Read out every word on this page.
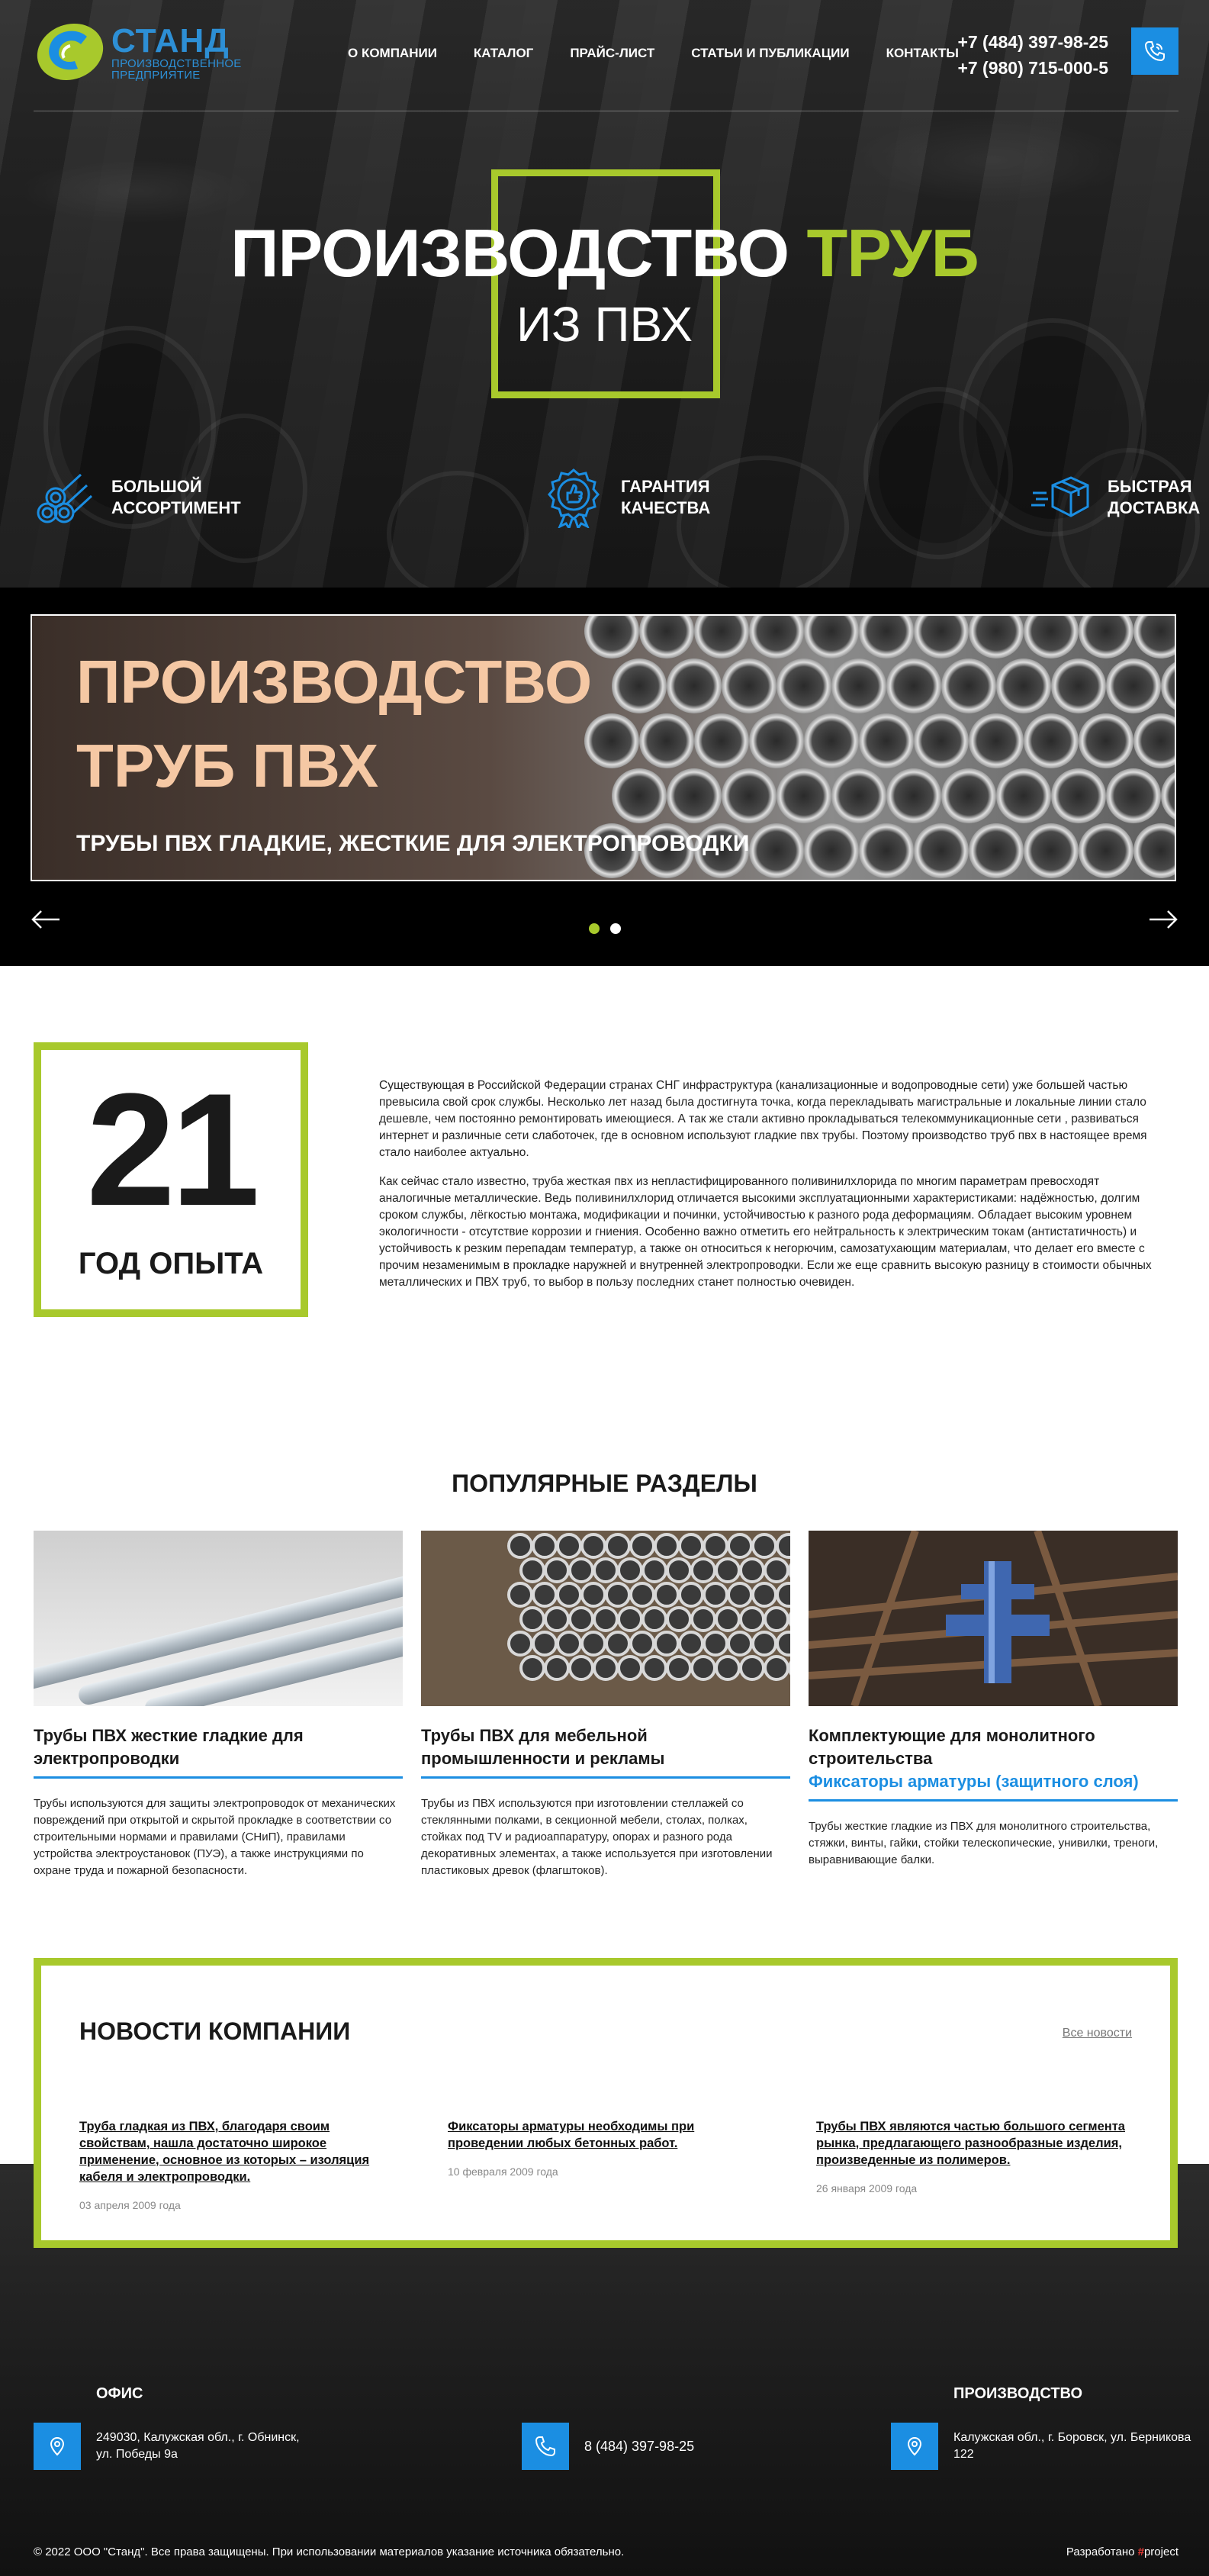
СТАНД
ПРОИЗВОДСТВЕННОЕ
ПРЕДПРИЯТИЕ
О КОМПАНИИ	КАТАЛОГ	ПРАЙС-ЛИСТ	СТАТЬИ И ПУБЛИКАЦИИ	КОНТАКТЫ
+7 (484) 397-98-25
+7 (980) 715-000-5
ПРОИЗВОДСТВО ТРУБ
ИЗ ПВХ
БОЛЬШОЙ
АССОРТИМЕНТ
ГАРАНТИЯ
КАЧЕСТВА
БЫСТРАЯ
ДОСТАВКА
ПРОИЗВОДСТВО
ТРУБ ПВХ
ТРУБЫ ПВХ ГЛАДКИЕ, ЖЕСТКИЕ ДЛЯ ЭЛЕКТРОПРОВОДКИ
21
ГОД ОПЫТА

Существующая в Российской Федерации странах СНГ инфраструктура (канализационные и водопроводные сети) уже большей частью превысила свой срок службы. Несколько лет назад была достигнута точка, когда перекладывать магистральные и локальные линии стало дешевле, чем постоянно ремонтировать имеющиеся. А так же стали активно прокладываться телекоммуникационные сети , развиваться интернет и различные сети слаботочек, где в основном используют гладкие пвх трубы. Поэтому производство труб пвх в настоящее время стало наиболее актуально.

Как сейчас стало известно, труба жесткая пвх из непластифицированного поливинилхлорида по многим параметрам превосходят аналогичные металлические. Ведь поливинилхлорид отличается высокими эксплуатационными характеристиками: надёжностью, долгим сроком службы, лёгкостью монтажа, модификации и починки, устойчивостью к разного рода деформациям. Обладает высоким уровнем экологичности - отсутствие коррозии и гниения. Особенно важно отметить его нейтральность к электрическим токам (антистатичность) и устойчивость к резким перепадам температур, а также он относиться к негорючим, самозатухающим материалам, что делает его вместе с прочим незаменимым в прокладке наружней и внутренней электропроводки. Если же еще сравнить высокую разницу в стоимости обычных металлических и ПВХ труб, то выбор в пользу последних станет полностью очевиден.

ПОПУЛЯРНЫЕ РАЗДЕЛЫ
Трубы ПВХ жесткие гладкие для электропроводки
Трубы используются для защиты электропроводок от механических повреждений при открытой и скрытой прокладке в соответствии со строительными нормами и правилами (СНиП), правилами устройства электроустановок (ПУЭ), а также инструкциями по охране труда и пожарной безопасности.
Трубы ПВХ для мебельной промышленности и рекламы
Трубы из ПВХ используются при изготовлении стеллажей со стеклянными полками, в секционной мебели, столах, полках, стойках под TV и радиоаппаратуру, опорах и разного рода декоративных элементах, а также используется при изготовлении пластиковых древок (флагштоков).
Комплектующие для монолитного строительства
Фиксаторы арматуры (защитного слоя)
Трубы жесткие гладкие из ПВХ для монолитного строительства, стяжки, винты, гайки, стойки телескопические, унивилки, треноги, выравнивающие балки.
НОВОСТИ КОМПАНИИ	Все новости
Труба гладкая из ПВХ, благодаря своим свойствам, нашла достаточно широкое применение, основное из которых – изоляция кабеля и электропроводки.
03 апреля 2009 года
Фиксаторы арматуры необходимы при проведении любых бетонных работ.
10 февраля 2009 года
Трубы ПВХ являются частью большого сегмента рынка, предлагающего разнообразные изделия, произведенные из полимеров.
26 января 2009 года
ОФИС
249030, Калужская обл., г. Обнинск,
ул. Победы 9а
8 (484) 397-98-25
ПРОИЗВОДСТВО
Калужская обл., г. Боровск, ул. Берникова
122
© 2022 ООО "Станд". Все права защищены. При использовании материалов указание источника обязательно.	Разработано #project
